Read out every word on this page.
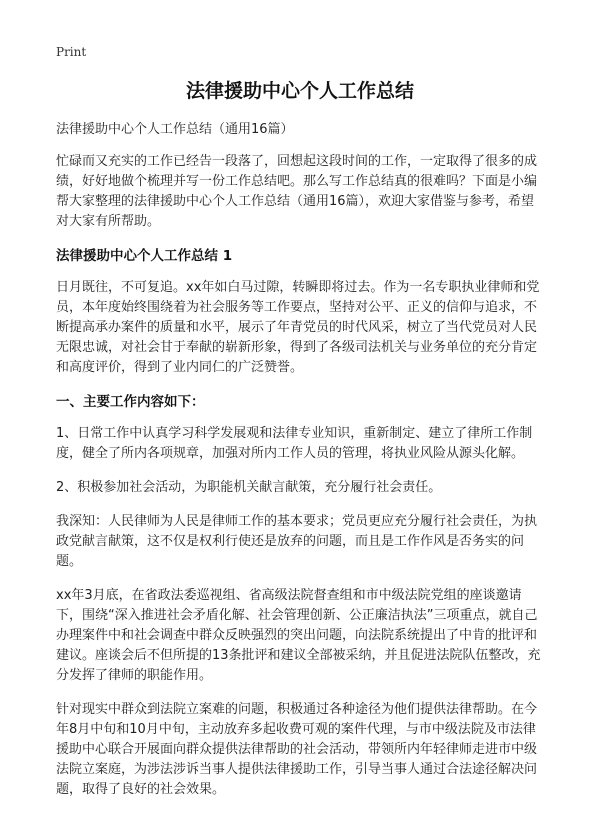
Print
法律援助中心个人工作总结
法律援助中心个人工作总结（通用16篇）

忙碌而又充实的工作已经告一段落了，回想起这段时间的工作，一定取得了很多的成绩，好好地做个梳理并写一份工作总结吧。那么写工作总结真的很难吗？下面是小编帮大家整理的法律援助中心个人工作总结（通用16篇），欢迎大家借鉴与参考，希望对大家有所帮助。

法律援助中心个人工作总结 1

日月既往，不可复追。xx年如白马过隙，转瞬即将过去。作为一名专职执业律师和党员，本年度始终围绕着为社会服务等工作要点，坚持对公平、正义的信仰与追求，不断提高承办案件的质量和水平，展示了年青党员的时代风采，树立了当代党员对人民无限忠诚，对社会甘于奉献的崭新形象，得到了各级司法机关与业务单位的充分肯定和高度评价，得到了业内同仁的广泛赞誉。

一、主要工作内容如下：

1、日常工作中认真学习科学发展观和法律专业知识，重新制定、建立了律所工作制度，健全了所内各项规章，加强对所内工作人员的管理，将执业风险从源头化解。

2、积极参加社会活动，为职能机关献言献策，充分履行社会责任。

我深知：人民律师为人民是律师工作的基本要求；党员更应充分履行社会责任，为执政党献言献策，这不仅是权利行使还是放弃的问题，而且是工作作风是否务实的问题。

xx年3月底，在省政法委巡视组、省高级法院督查组和市中级法院党组的座谈邀请下，围绕“深入推进社会矛盾化解、社会管理创新、公正廉洁执法”三项重点，就自己办理案件中和社会调查中群众反映强烈的突出问题，向法院系统提出了中肯的批评和建议。座谈会后不但所提的13条批评和建议全部被采纳，并且促进法院队伍整改，充分发挥了律师的职能作用。

针对现实中群众到法院立案难的问题，积极通过各种途径为他们提供法律帮助。在今年8月中旬和10月中旬，主动放弃多起收费可观的案件代理，与市中级法院及市法律援助中心联合开展面向群众提供法律帮助的社会活动，带领所内年轻律师走进市中级法院立案庭，为涉法涉诉当事人提供法律援助工作，引导当事人通过合法途径解决问题，取得了良好的社会效果。
